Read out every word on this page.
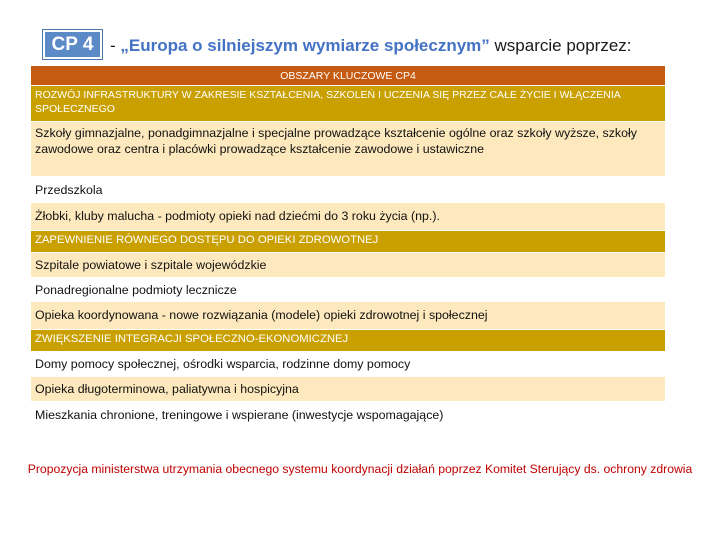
CP 4 - „Europa o silniejszym wymiarze społecznym” wsparcie poprzez:
OBSZARY KLUCZOWE CP4
ROZWÓJ INFRASTRUKTURY W ZAKRESIE KSZTAŁCENIA, SZKOLEŃ I UCZENIA SIĘ PRZEZ CAŁE ŻYCIE I WŁĄCZENIA SPOŁECZNEGO
Szkoły gimnazjalne, ponadgimnazjalne i specjalne prowadzące kształcenie ogólne oraz szkoły wyższe, szkoły zawodowe oraz centra i placówki prowadzące kształcenie zawodowe i ustawiczne
Przedszkola
Żłobki, kluby malucha - podmioty opieki nad dziećmi do 3 roku życia (np.).
ZAPEWNIENIE RÓWNEGO DOSTĘPU DO OPIEKI ZDROWOTNEJ
Szpitale powiatowe i szpitale wojewódzkie
Ponadregionalne podmioty lecznicze
Opieka koordynowana - nowe rozwiązania (modele) opieki zdrowotnej i społecznej
ZWIĘKSZENIE INTEGRACJI SPOŁECZNO-EKONOMICZNEJ
Domy pomocy społecznej, ośrodki wsparcia, rodzinne domy pomocy
Opieka długoterminowa, paliatywna i hospicyjna
Mieszkania chronione, treningowe i wspierane (inwestycje wspomagające)
Propozycja ministerstwa utrzymania obecnego systemu koordynacji działań poprzez Komitet Sterujący ds. ochrony zdrowia
